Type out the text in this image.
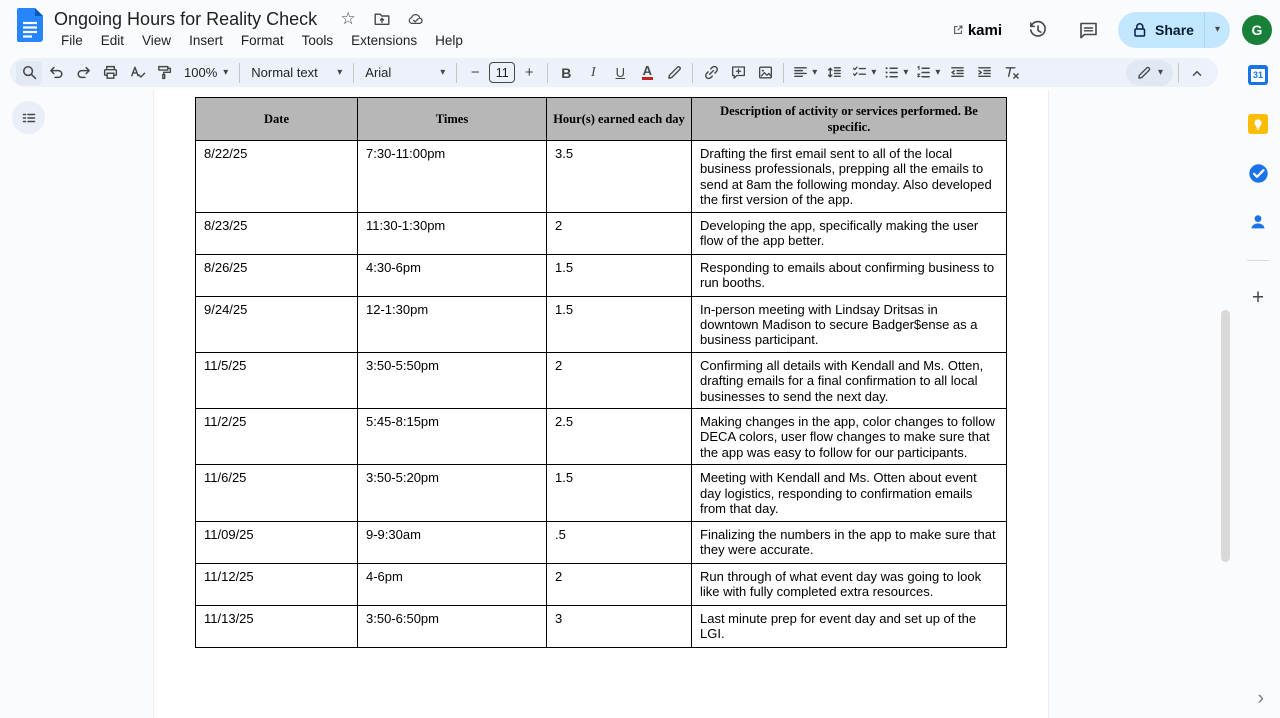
Ongoing Hours for Reality Check ☆
File	Edit	View	Insert	Format	Tools	Extensions	Help
kami	Share ▾	G
100% ▾ Normal text ▾ Arial	▾ −	11	+ B I U A	▾	▾	▾	▾	▾
Date	Times	Hour(s) earned each day	Description of activity or services performed. Be specific.
8/22/25	7:30-11:00pm	3.5	Drafting the first email sent to all of the local business professionals, prepping all the emails to send at 8am the following monday. Also developed the first version of the app.
8/23/25	11:30-1:30pm	2	Developing the app, specifically making the user flow of the app better.
8/26/25	4:30-6pm	1.5	Responding to emails about confirming business to run booths.
9/24/25	12-1:30pm	1.5	In-person meeting with Lindsay Dritsas in downtown Madison to secure Badger$ense as a business participant.
11/5/25	3:50-5:50pm	2	Confirming all details with Kendall and Ms. Otten, drafting emails for a final confirmation to all local businesses to send the next day.
11/2/25	5:45-8:15pm	2.5	Making changes in the app, color changes to follow DECA colors, user flow changes to make sure that the app was easy to follow for our participants.
11/6/25	3:50-5:20pm	1.5	Meeting with Kendall and Ms. Otten about event day logistics, responding to confirmation emails from that day.
11/09/25	9-9:30am	.5	Finalizing the numbers in the app to make sure that they were accurate.
11/12/25	4-6pm	2	Run through of what event day was going to look like with fully completed extra resources.
11/13/25	3:50-6:50pm	3	Last minute prep for event day and set up of the LGI.
31
+
›
